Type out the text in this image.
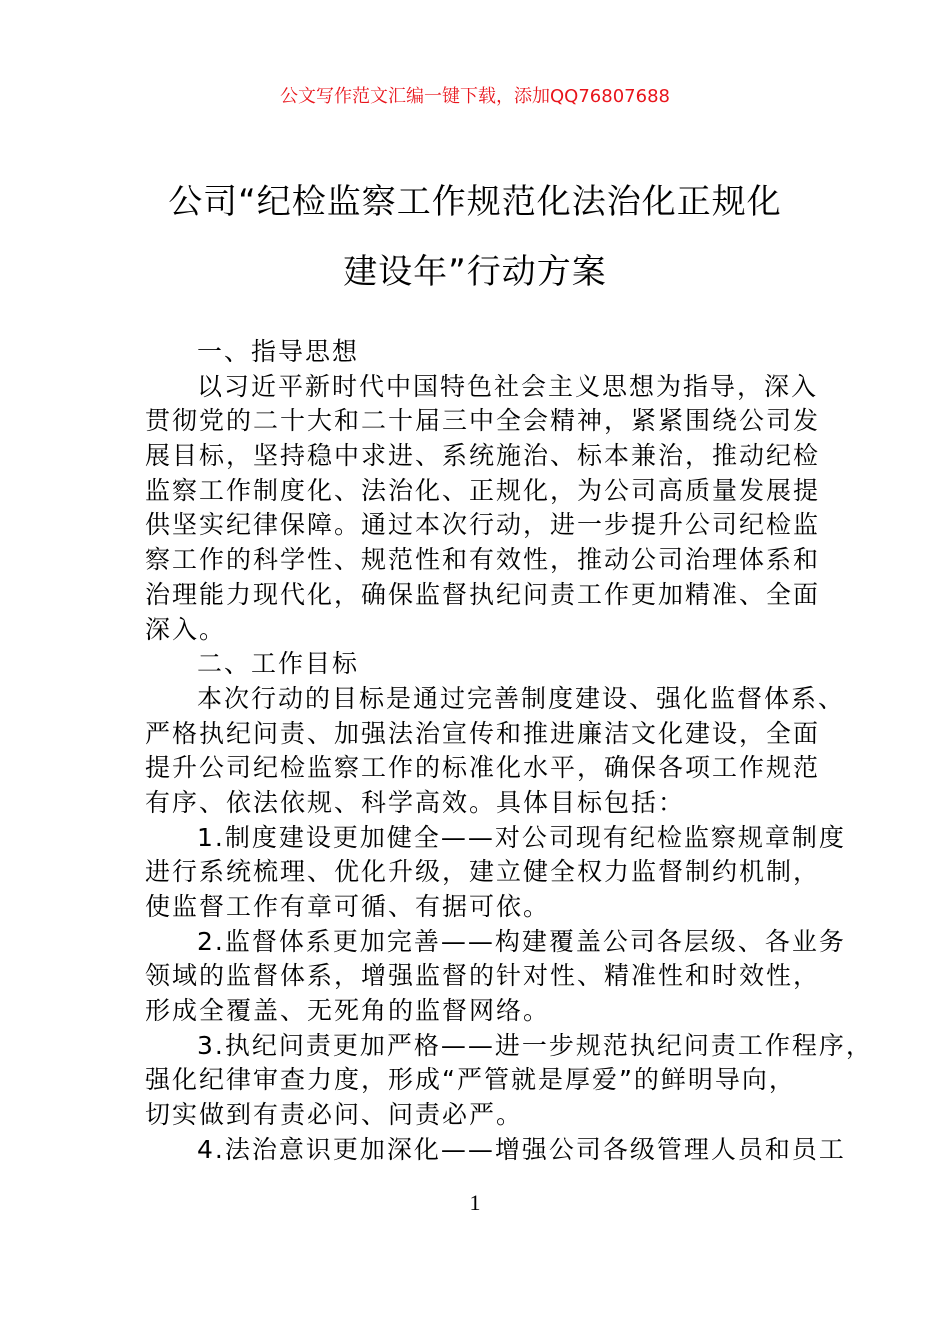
公文写作范文汇编一键下载，添加QQ76807688
公司“纪检监察工作规范化法治化正规化
建设年”行动方案
一、指导思想
以习近平新时代中国特色社会主义思想为指导，深入
贯彻党的二十大和二十届三中全会精神，紧紧围绕公司发
展目标，坚持稳中求进、系统施治、标本兼治，推动纪检
监察工作制度化、法治化、正规化，为公司高质量发展提
供坚实纪律保障。通过本次行动，进一步提升公司纪检监
察工作的科学性、规范性和有效性，推动公司治理体系和
治理能力现代化，确保监督执纪问责工作更加精准、全面
深入。
二、工作目标
本次行动的目标是通过完善制度建设、强化监督体系、
严格执纪问责、加强法治宣传和推进廉洁文化建设，全面
提升公司纪检监察工作的标准化水平，确保各项工作规范
有序、依法依规、科学高效。具体目标包括：
1.制度建设更加健全——对公司现有纪检监察规章制度
进行系统梳理、优化升级，建立健全权力监督制约机制，
使监督工作有章可循、有据可依。
2.监督体系更加完善——构建覆盖公司各层级、各业务
领域的监督体系，增强监督的针对性、精准性和时效性，
形成全覆盖、无死角的监督网络。
3.执纪问责更加严格——进一步规范执纪问责工作程序，
强化纪律审查力度，形成“严管就是厚爱”的鲜明导向，
切实做到有责必问、问责必严。
4.法治意识更加深化——增强公司各级管理人员和员工
1
